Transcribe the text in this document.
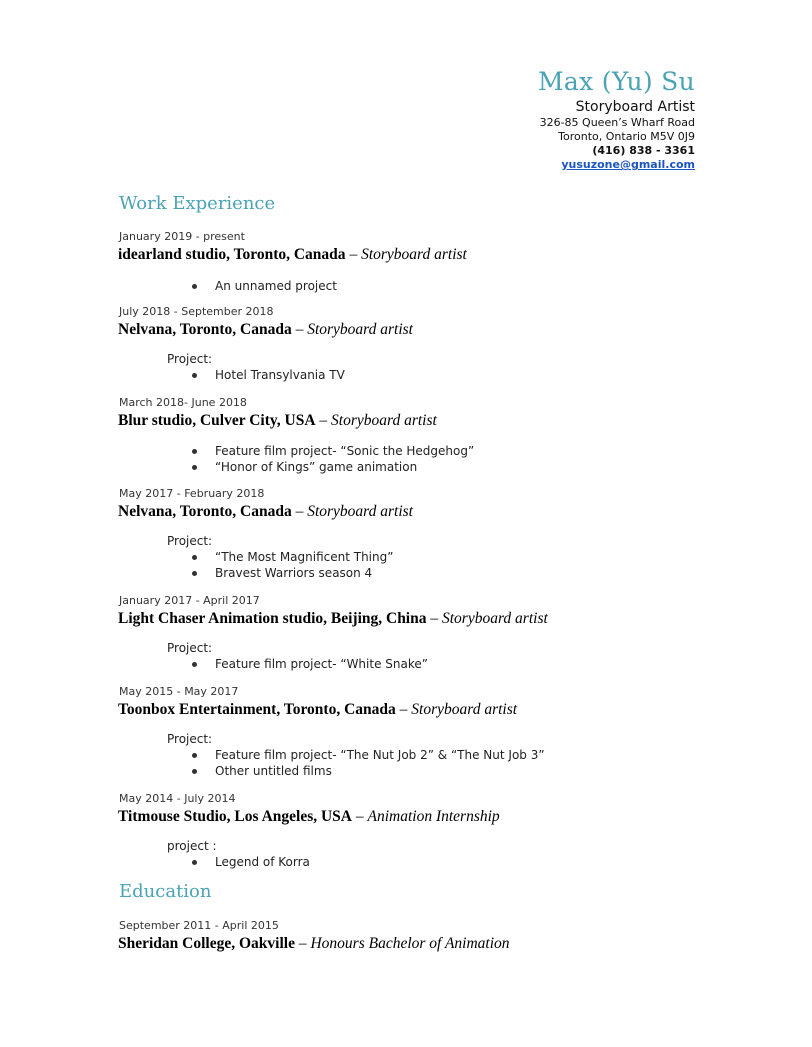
Max (Yu) Su
Storyboard Artist
326-85 Queen’s Wharf Road
Toronto, Ontario M5V 0J9
(416) 838 - 3361
yusuzone@gmail.com
Work Experience
January 2019 - present
idearland studio, Toronto, Canada – Storyboard artist
An unnamed project
July 2018 - September 2018
Nelvana, Toronto, Canada – Storyboard artist
Project:
Hotel Transylvania TV
March 2018- June 2018
Blur studio, Culver City, USA – Storyboard artist
Feature film project- “Sonic the Hedgehog”
“Honor of Kings” game animation
May 2017 - February 2018
Nelvana, Toronto, Canada – Storyboard artist
Project:
“The Most Magnificent Thing”
Bravest Warriors season 4
January 2017 - April 2017
Light Chaser Animation studio, Beijing, China – Storyboard artist
Project:
Feature film project- “White Snake”
May 2015 - May 2017
Toonbox Entertainment, Toronto, Canada – Storyboard artist
Project:
Feature film project- “The Nut Job 2” & “The Nut Job 3”
Other untitled films
May 2014 - July 2014
Titmouse Studio, Los Angeles, USA – Animation Internship
project :
Legend of Korra
Education
September 2011 - April 2015
Sheridan College, Oakville – Honours Bachelor of Animation
